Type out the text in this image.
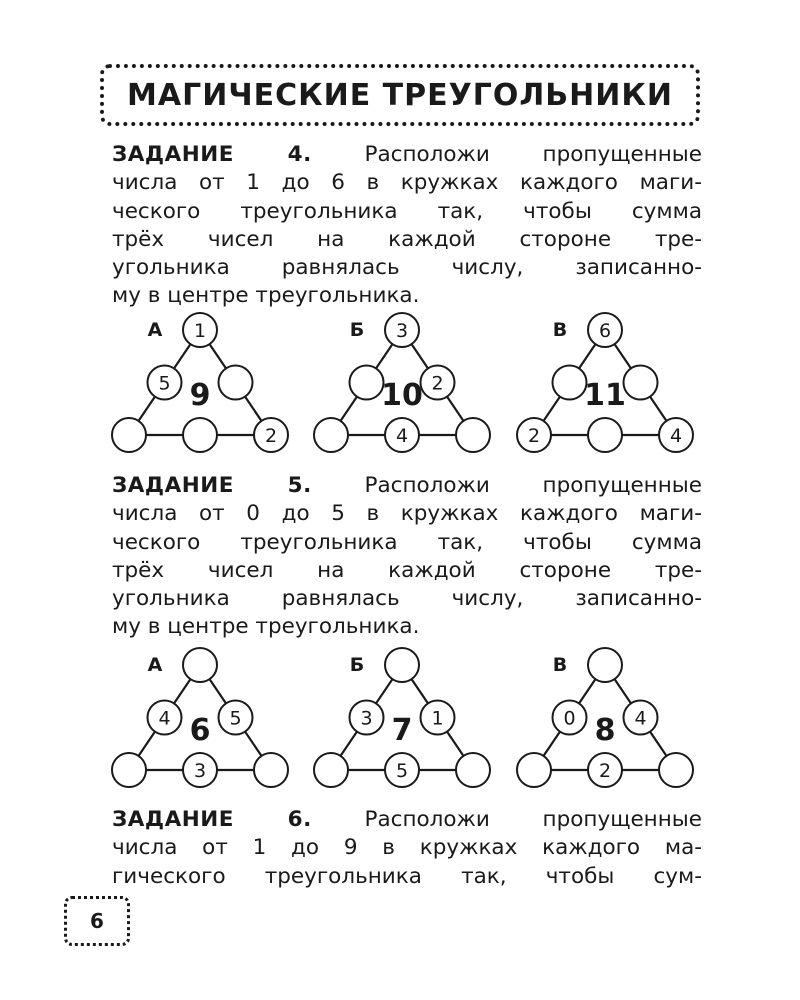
МАГИЧЕСКИЕ ТРЕУГОЛЬНИКИ
ЗАДАНИЕ 4. Расположи пропущенные
числа от 1 до 6 в кружках каждого маги-
ческого треугольника так, чтобы сумма
трёх чисел на каждой стороне тре-
угольника равнялась числу, записанно-
му в центре треугольника.
ЗАДАНИЕ 5. Расположи пропущенные
числа от 0 до 5 в кружках каждого маги-
ческого треугольника так, чтобы сумма
трёх чисел на каждой стороне тре-
угольника равнялась числу, записанно-
му в центре треугольника.
ЗАДАНИЕ 6. Расположи пропущенные
числа от 1 до 9 в кружках каждого ма-
гического треугольника так, чтобы сум-
1
5
2
9
А	3
2
4
10
Б	6
2	4
11
В
4	5
3
6
А
3	1
5
7
Б
0	4
2
8
В
6
